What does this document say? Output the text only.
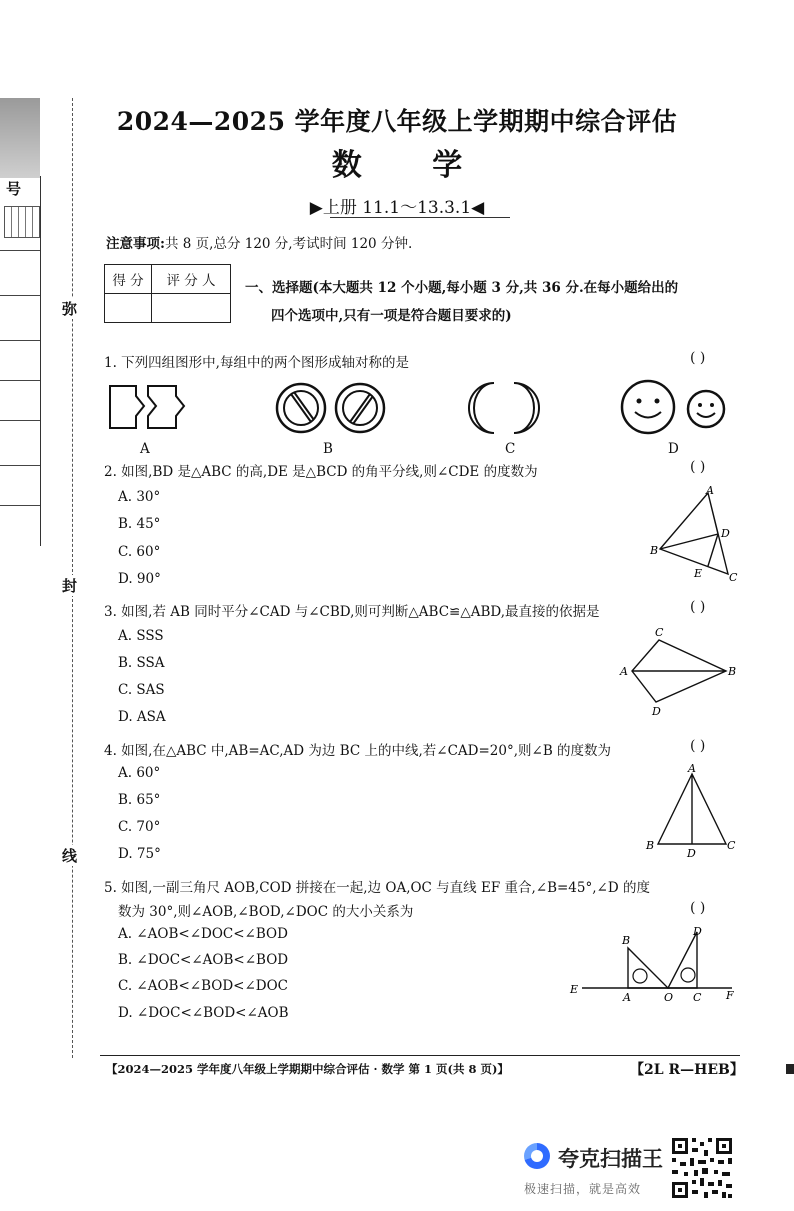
号
弥
封
线
2024—2025 学年度八年级上学期期中综合评估
数 学
▶上册 11.1～13.3.1◀
注意事项:共 8 页,总分 120 分,考试时间 120 分钟.
得 分	评 分 人
	一、选择题(本大题共 12 个小题,每小题 3 分,共 36 分.在每小题给出的
四个选项中,只有一项是符合题目要求的)
1. 下列四组图形中,每组中的两个图形成轴对称的是	( )
A	B	C	D
2. 如图,BD 是△ABC 的高,DE 是△BCD 的角平分线,则∠CDE 的度数为	( )
A. 30°
B. 45°
C. 60°
D. 90°
A
D
B
E C
3. 如图,若 AB 同时平分∠CAD 与∠CBD,则可判断△ABC≌△ABD,最直接的依据是	( )
A. SSS
B. SSA
C. SAS
D. ASA
C
A	B
D
4. 如图,在△ABC 中,AB=AC,AD 为边 BC 上的中线,若∠CAD=20°,则∠B 的度数为	( )
A. 60°
B. 65°
C. 70°
D. 75°
A
B
D
C
5. 如图,一副三角尺 AOB,COD 拼接在一起,边 OA,OC 与直线 EF 重合,∠B=45°,∠D 的度
数为 30°,则∠AOB,∠BOD,∠DOC 的大小关系为	( )
A. ∠AOB<∠DOC<∠BOD
B. ∠DOC<∠AOB<∠BOD
C. ∠AOB<∠BOD<∠DOC
D. ∠DOC<∠BOD<∠AOB
B
D
E
A	O C F
【2024—2025 学年度八年级上学期期中综合评估 · 数学 第 1 页(共 8 页)】	【2L R—HEB】
夸克扫描王
极速扫描，就是高效
